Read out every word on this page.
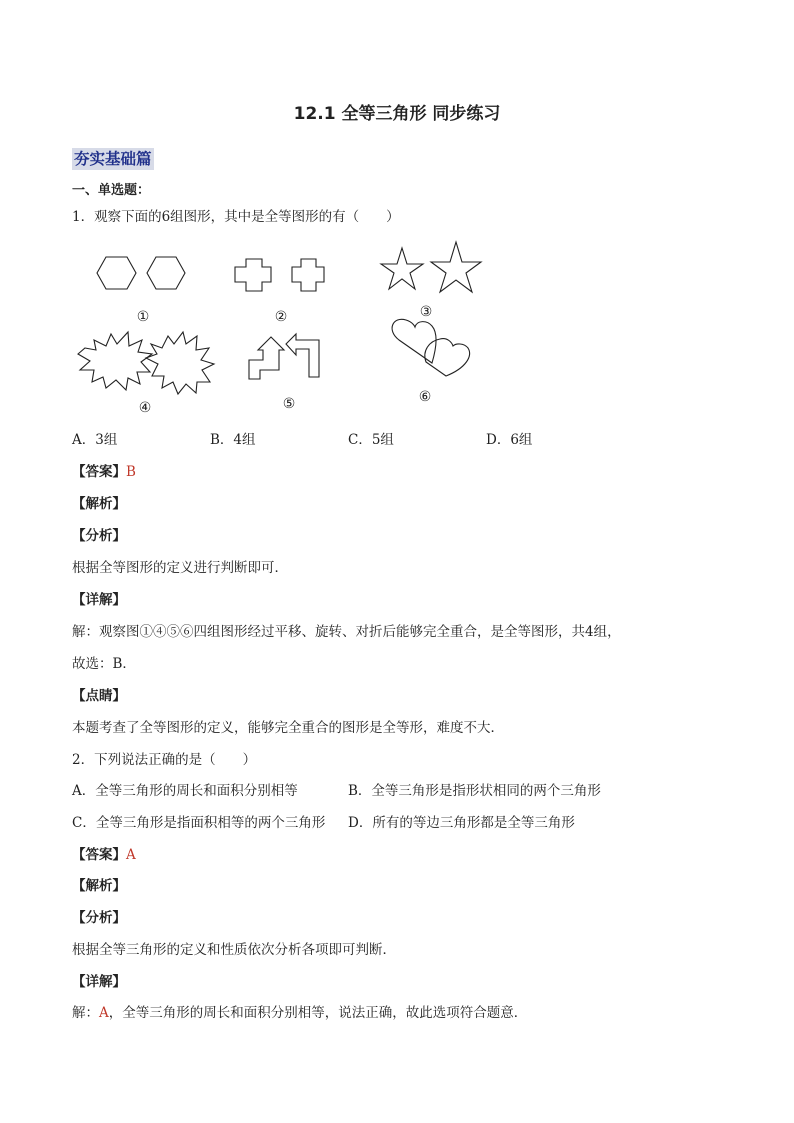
12.1 全等三角形 同步练习
夯实基础篇
一、单选题：
1．观察下面的6组图形，其中是全等图形的有（　　）
①	②	③
④	⑤	⑥
A．3组	B．4组	C．5组	D．6组
【答案】B
【解析】
【分析】
根据全等图形的定义进行判断即可．
【详解】
解：观察图①④⑤⑥四组图形经过平移、旋转、对折后能够完全重合，是全等图形，共4组，
故选：B．
【点睛】
本题考查了全等图形的定义，能够完全重合的图形是全等形，难度不大．
2．下列说法正确的是（　　）
A．全等三角形的周长和面积分别相等	B．全等三角形是指形状相同的两个三角形
C．全等三角形是指面积相等的两个三角形 D．所有的等边三角形都是全等三角形
【答案】A
【解析】
【分析】
根据全等三角形的定义和性质依次分析各项即可判断．
【详解】
解：A，全等三角形的周长和面积分别相等，说法正确，故此选项符合题意．
